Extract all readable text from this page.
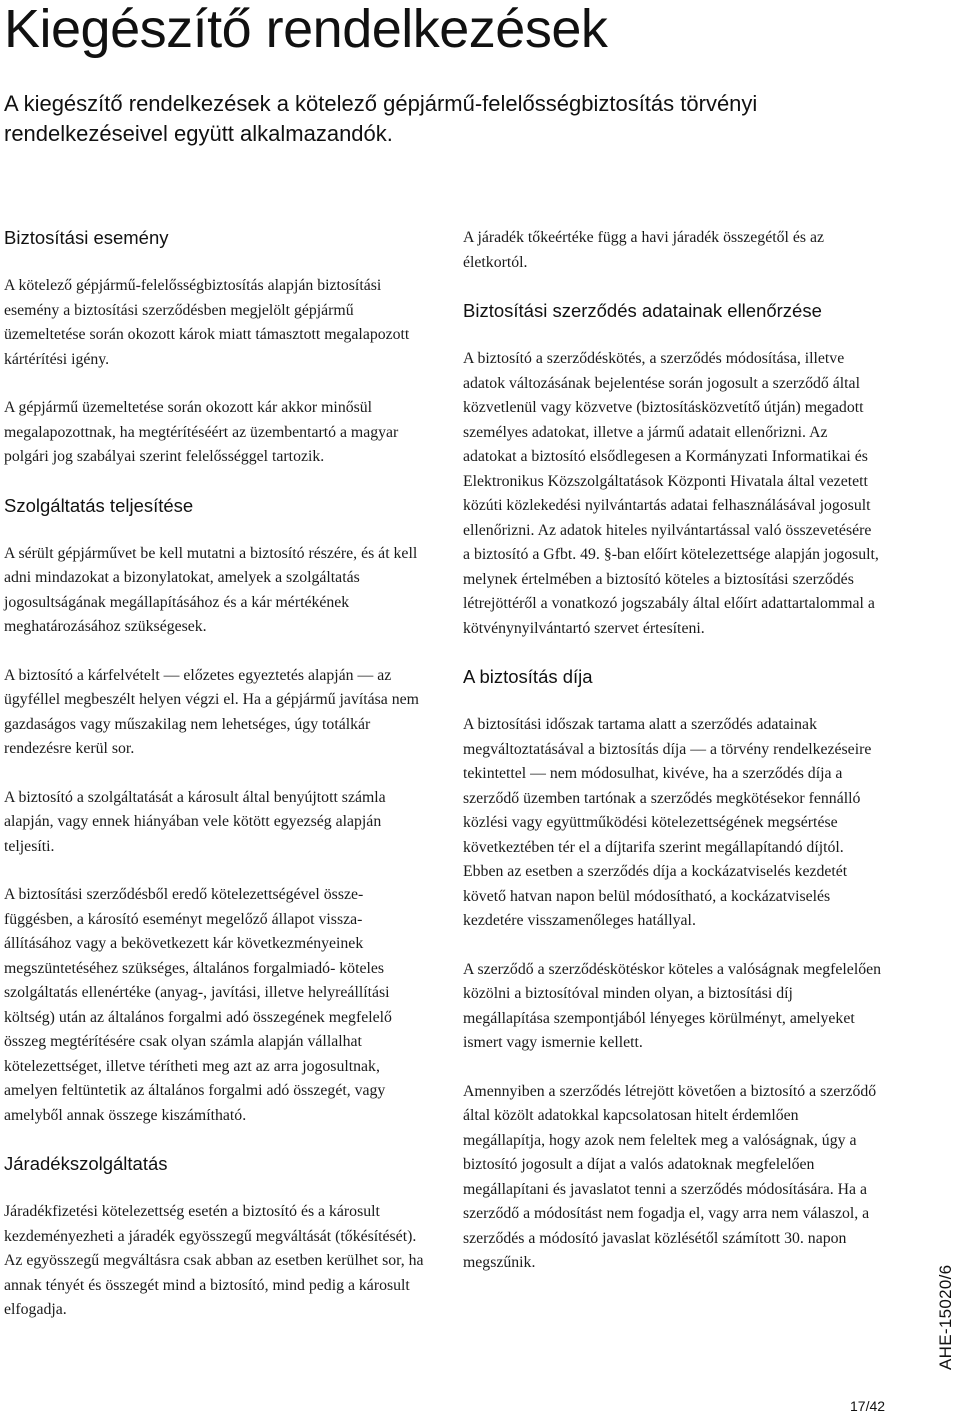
Kiegészítő rendelkezések

A kiegészítő rendelkezések a kötelező gépjármű-felelősségbiztosítás törvényi rendelkezéseivel együtt alkalmazandók.

Biztosítási esemény

A kötelező gépjármű-felelősségbiztosítás alapján biztosítási esemény a biztosítási szerződésben megjelölt gépjármű üzemeltetése során okozott károk miatt támasztott megalapozott kártérítési igény.

A gépjármű üzemeltetése során okozott kár akkor minősül megalapozottnak, ha megtérítéséért az üzembentartó a magyar polgári jog szabályai szerint felelősséggel tartozik.

Szolgáltatás teljesítése

A sérült gépjárművet be kell mutatni a biztosító részére, és át kell adni mindazokat a bizonylatokat, amelyek a szolgáltatás jogosultságának megállapításához és a kár mértékének meghatározásához szükségesek.

A biztosító a kárfelvételt — előzetes egyeztetés alapján — az ügyféllel megbeszélt helyen végzi el. Ha a gépjármű javítása nem gazdaságos vagy műszakilag nem lehetséges, úgy totálkár rendezésre kerül sor.

A biztosító a szolgáltatását a károsult által benyújtott számla alapján, vagy ennek hiányában vele kötött egyezség alapján teljesíti.

A biztosítási szerződésből eredő kötelezettségével összefüggésben, a károsító eseményt megelőző állapot visszaállításához vagy a bekövetkezett kár következményeinek megszüntetéséhez szükséges, általános forgalmiadó- köteles szolgáltatás ellenértéke (anyag-, javítási, illetve helyreállítási költség) után az általános forgalmi adó összegének megfelelő összeg megtérítésére csak olyan számla alapján vállalhat kötelezettséget, illetve térítheti meg azt az arra jogosultnak, amelyen feltüntetik az általános forgalmi adó összegét, vagy amelyből annak összege kiszámítható.

Járadékszolgáltatás

Járadékfizetési kötelezettség esetén a biztosító és a károsult kezdeményezheti a járadék egyösszegű megváltását (tőkésítését). Az egyösszegű megváltásra csak abban az esetben kerülhet sor, ha annak tényét és összegét mind a biztosító, mind pedig a károsult elfogadja.

A járadék tőkeértéke függ a havi járadék összegétől és az életkortól.

Biztosítási szerződés adatainak ellenőrzése

A biztosító a szerződéskötés, a szerződés módosítása, illetve adatok változásának bejelentése során jogosult a szerződő által közvetlenül vagy közvetve (biztosításközvetítő útján) megadott személyes adatokat, illetve a jármű adatait ellenőrizni. Az adatokat a biztosító elsődlegesen a Kormányzati Informatikai és Elektronikus Közszolgáltatások Központi Hivatala által vezetett közúti közlekedési nyilvántartás adatai felhasználásával jogosult ellenőrizni. Az adatok hiteles nyilvántartással való összevetésére a biztosító a Gfbt. 49. §-ban előírt kötelezettsége alapján jogosult, melynek értelmében a biztosító köteles a biztosítási szerződés létrejöttéről a vonatkozó jogszabály által előírt adattartalommal a kötvénynyilvántartó szervet értesíteni.

A biztosítás díja

A biztosítási időszak tartama alatt a szerződés adatainak megváltoztatásával a biztosítás díja — a törvény rendelkezéseire tekintettel — nem módosulhat, kivéve, ha a szerződés díja a szerződő üzemben tartónak a szerződés megkötésekor fennálló közlési vagy együttműködési kötelezettségének megsértése következtében tér el a díjtarifa szerint megállapítandó díjtól. Ebben az esetben a szerződés díja a kockázatviselés kezdetét követő hatvan napon belül módosítható, a kockázatviselés kezdetére visszamenőleges hatállyal.

A szerződő a szerződéskötéskor köteles a valóságnak megfelelően közölni a biztosítóval minden olyan, a biztosítási díj megállapítása szempontjából lényeges körülményt, amelyeket ismert vagy ismernie kellett.

Amennyiben a szerződés létrejött követően a biztosító a szerződő által közölt adatokkal kapcsolatosan hitelt érdemlően megállapítja, hogy azok nem feleltek meg a valóságnak, úgy a biztosító jogosult a díjat a valós adatoknak megfelelően megállapítani és javaslatot tenni a szerződés módosítására. Ha a szerződő a módosítást nem fogadja el, vagy arra nem válaszol, a szerződés a módosító javaslat közlésétől számított 30. napon megszűnik.

AHE-15020/6
17/42
